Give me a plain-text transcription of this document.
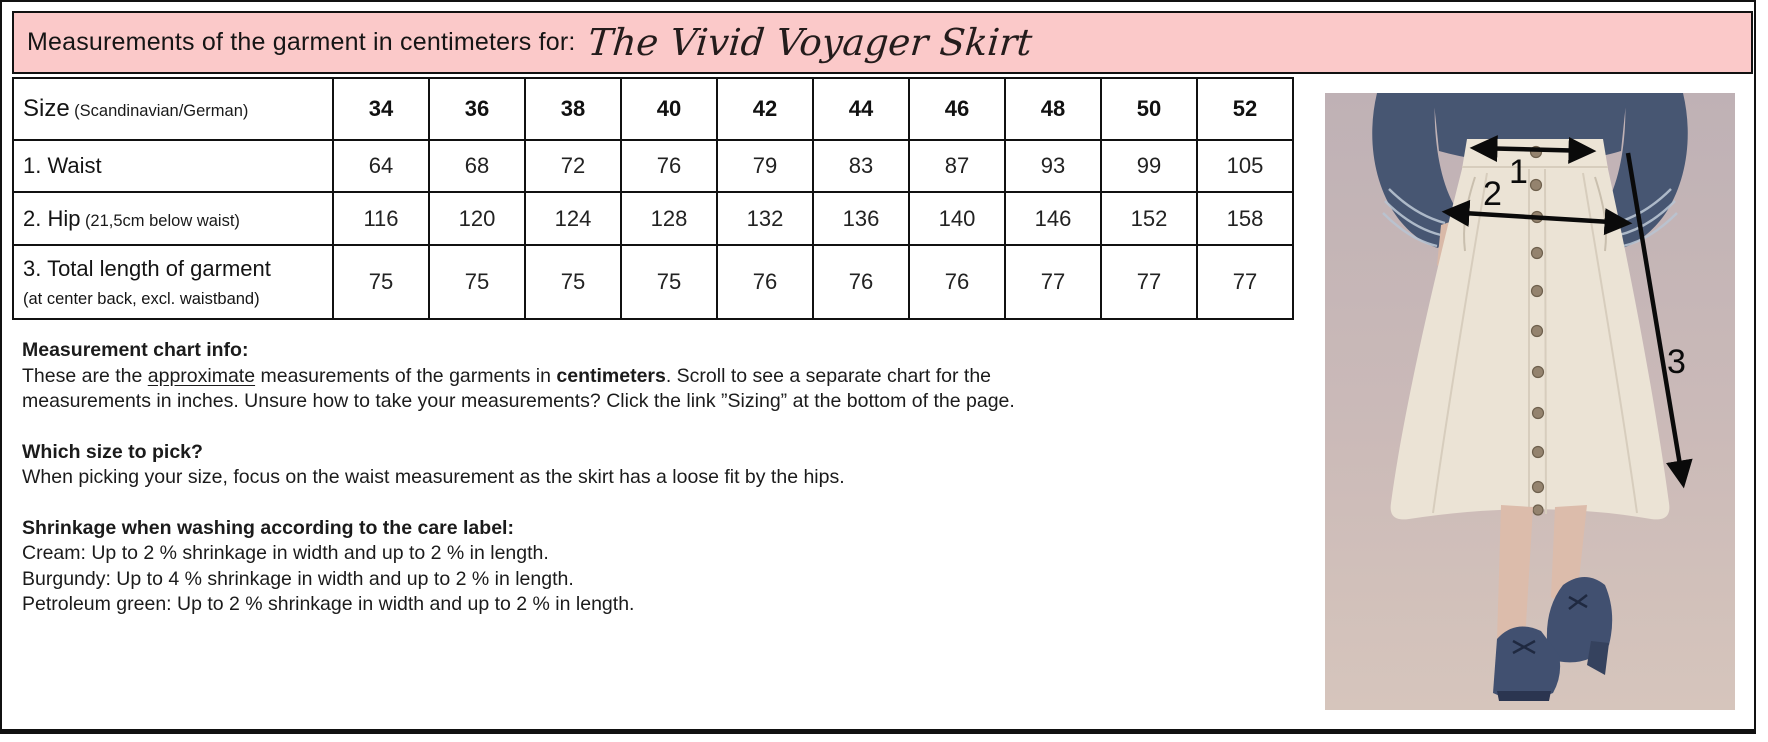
Measurements of the garment in centimeters for: The Vivid Voyager Skirt
Size (Scandinavian/German)	34	36	38	40	42	44	46	48	50	52
1. Waist	64	68	72	76	79	83	87	93	99	105
2. Hip (21,5cm below waist)	116	120	124	128	132	136	140	146	152	158
3. Total length of garment
(at center back, excl. waistband)	75	75	75	75	76	76	76	77	77	77
Measurement chart info:

These are the approximate measurements of the garments in centimeters. Scroll to see a separate chart for the

measurements in inches. Unsure how to take your measurements? Click the link ”Sizing” at the bottom of the page.

Which size to pick?

When picking your size, focus on the waist measurement as the skirt has a loose fit by the hips.

Shrinkage when washing according to the care label:

Cream: Up to 2 % shrinkage in width and up to 2 % in length.

Burgundy: Up to 4 % shrinkage in width and up to 2 % in length.

Petroleum green: Up to 2 % shrinkage in width and up to 2 % in length.

1
2
3
